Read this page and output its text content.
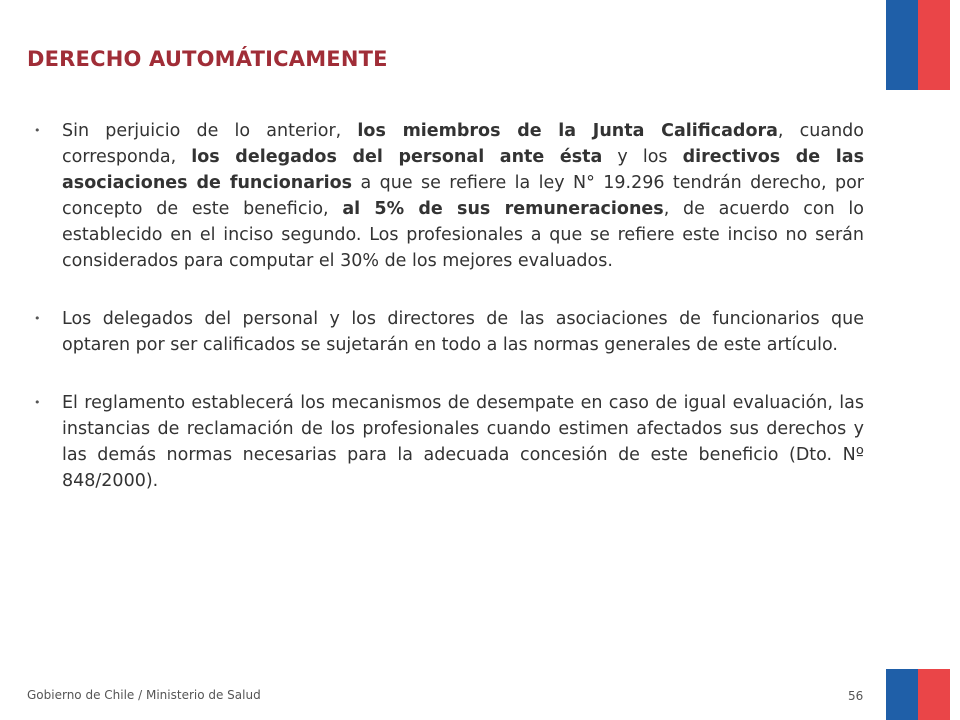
DERECHO AUTOMÁTICAMENTE
• Sin perjuicio de lo anterior, los miembros de la Junta Calificadora, cuando corresponda, los delegados del personal ante ésta y los directivos de las asociaciones de funcionarios a que se refiere la ley N° 19.296 tendrán derecho, por concepto de este beneficio, al 5% de sus remuneraciones, de acuerdo con lo establecido en el inciso segundo. Los profesionales a que se refiere este inciso no serán considerados para computar el 30% de los mejores evaluados.
• Los delegados del personal y los directores de las asociaciones de funcionarios que optaren por ser calificados se sujetarán en todo a las normas generales de este artículo.
• El reglamento establecerá los mecanismos de desempate en caso de igual evaluación, las instancias de reclamación de los profesionales cuando estimen afectados sus derechos y las demás normas necesarias para la adecuada concesión de este beneficio (Dto. Nº 848/2000).
Gobierno de Chile / Ministerio de Salud	56
